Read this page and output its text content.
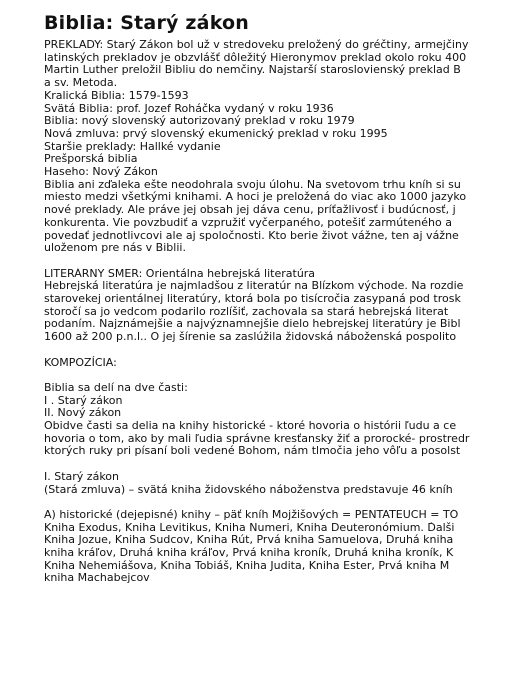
Biblia: Starý zákon
PREKLADY: Starý Zákon bol už v stredoveku preložený do gréčtiny, armejčiny
latinských prekladov je obzvlášť dôležitý Hieronymov preklad okolo roku 400
Martin Luther preložil Bibliu do nemčiny. Najstarší staroslovienský preklad B
a sv. Metoda.
Kralická Biblia: 1579-1593
Svätá Biblia: prof. Jozef Roháčka vydaný v roku 1936
Biblia: nový slovenský autorizovaný preklad v roku 1979
Nová zmluva: prvý slovenský ekumenický preklad v roku 1995
Staršie preklady: Hallké vydanie
Prešporská biblia
Haseho: Nový Zákon
Biblia ani zďaleka ešte neodohrala svoju úlohu. Na svetovom trhu kníh si su
miesto medzi všetkými knihami. A hoci je preložená do viac ako 1000 jazyko
nové preklady. Ale práve jej obsah jej dáva cenu, príťažlivosť i budúcnosť, j
konkurenta. Vie povzbudiť a vzpružiť vyčerpaného, potešiť zarmúteného a
povedať jednotlivcovi ale aj spoločnosti. Kto berie život vážne, ten aj vážne
uloženom pre nás v Biblii.
LITERÁRNY SMER: Orientálna hebrejská literatúra
Hebrejská literatúra je najmladšou z literatúr na Blízkom východe. Na rozdie
starovekej orientálnej literatúry, ktorá bola po tisícročia zasypaná pod trosk
storočí sa jo vedcom podarilo rozlíšiť, zachovala sa stará hebrejská literat
podaním. Najznámejšie a najvýznamnejšie dielo hebrejskej literatúry je Bibl
1600 až 200 p.n.l.. O jej šírenie sa zaslúžila židovská náboženská pospolito
KOMPOZÍCIA:
Biblia sa delí na dve časti:
I . Starý zákon
II. Nový zákon
Obidve časti sa delia na knihy historické - ktoré hovoria o histórii ľudu a ce
hovoria o tom, ako by mali ľudia správne kresťansky žiť a prorocké- prostredr
ktorých ruky pri písaní boli vedené Bohom, nám tlmočia jeho vôľu a posolst
I. Starý zákon
(Stará zmluva) – svätá kniha židovského náboženstva predstavuje 46 kníh
A) historické (dejepisné) knihy – päť kníh Mojžišových = PENTATEUCH = TÓ
Kniha Exodus, Kniha Levitikus, Kniha Numeri, Kniha Deuteronómium. Ďalši
Kniha Jozue, Kniha Sudcov, Kniha Rút, Prvá kniha Samuelova, Druhá kniha
kniha kráľov, Druhá kniha kráľov, Prvá kniha kroník, Druhá kniha kroník, K
Kniha Nehemiášova, Kniha Tobiáš, Kniha Judita, Kniha Ester, Prvá kniha M
kniha Machabejcov
